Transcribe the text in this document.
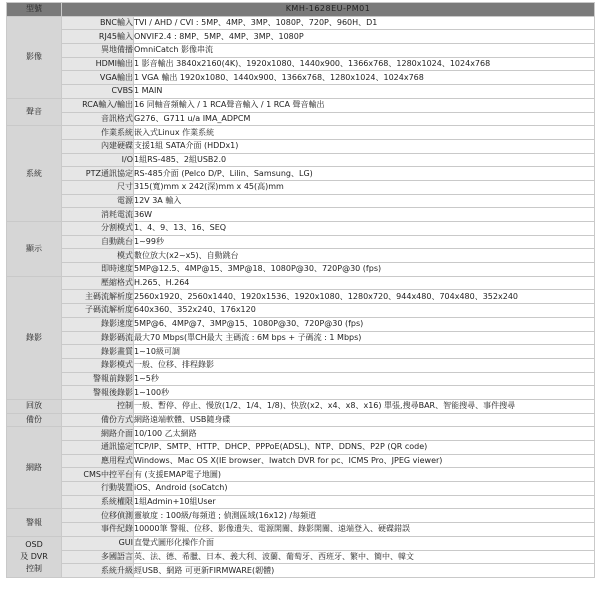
型號	KMH-1628EU-PM01	
影像	BNC輸入	TVI / AHD / CVI : 5MP、4MP、3MP、1080P、720P、960H、D1
	RJ45輸入	ONVIF2.4 : 8MP、5MP、4MP、3MP、1080P
	異地備播	OmniCatch 影像串流
	HDMI輸出	1 影音輸出 3840x2160(4K)、1920x1080、1440x900、1366x768、1280x1024、1024x768
	VGA輸出	1 VGA 輸出 1920x1080、1440x900、1366x768、1280x1024、1024x768
	CVBS	1 MAIN
聲音	RCA輸入/輸出	16 同軸音頻輸入 / 1 RCA聲音輸入 / 1 RCA 聲音輸出
	音訊格式	G276、G711 u/a IMA_ADPCM
系統	作業系統	嵌入式Linux 作業系統
	內建硬碟	支援1組 SATA介面 (HDDx1)
	I/O	1組RS-485、2組USB2.0
	PTZ通訊協定	RS-485介面 (Pelco D/P、Lilin、Samsung、LG)
	尺寸	315(寬)mm x 242(深)mm x 45(高)mm
	電源	12V 3A 輸入
	消耗電流	36W
顯示	分割模式	1、4、9、13、16、SEQ
	自動跳台	1~99秒
	模式	數位放大(x2~x5)、自動跳台
	即時速度	5MP@12.5、4MP@15、3MP@18、1080P@30、720P@30 (fps)
錄影	壓縮格式	H.265、H.264
	主碼流解析度	2560x1920、2560x1440、1920x1536、1920x1080、1280x720、944x480、704x480、352x240
	子碼流解析度	640x360、352x240、176x120
	錄影速度	5MP@6、4MP@7、3MP@15、1080P@30、720P@30 (fps)
	錄影碼流	最大70 Mbps(單CH最大 主碼流 : 6M bps + 子碼流 : 1 Mbps)
	錄影畫質	1~10級可調
	錄影模式	一般、位移、排程錄影
	警報前錄影	1~5秒
	警報後錄影	1~100秒
回放	控制	一般、暫停、停止、慢放(1/2、1/4、1/8)、快放(x2、x4、x8、x16) 單張,搜尋BAR、智能搜尋、事件搜尋
備份	備份方式	網路遠端軟體、USB隨身碟
網路	網路介面	10/100 乙太網路
	通訊協定	TCP/IP、SMTP、HTTP、DHCP、PPPoE(ADSL)、NTP、DDNS、P2P (QR code)
	應用程式	Windows、Mac OS X(IE browser、Iwatch DVR for pc、ICMS Pro、JPEG viewer)
	CMS中控平台	有 (支援EMAP電子地圖)
	行動裝置	iOS、Android (soCatch)
	系統權限	1組Admin+10組User
警報	位移偵測	靈敏度 : 100級/每頻道 ; 偵測區域(16x12) /每頻道
	事件紀錄	10000筆 警報、位移、影像遺失、電源開關、錄影開關、遠端登入、硬碟錯誤
OSD
及 DVR
控制	GUI	直覺式圖形化操作介面
	多國語言	英、法、德、希臘、日本、義大利、波蘭、葡萄牙、西班牙、繁中、簡中、韓文
	系統升級	經USB、網路 可更新FIRMWARE(韌體)
